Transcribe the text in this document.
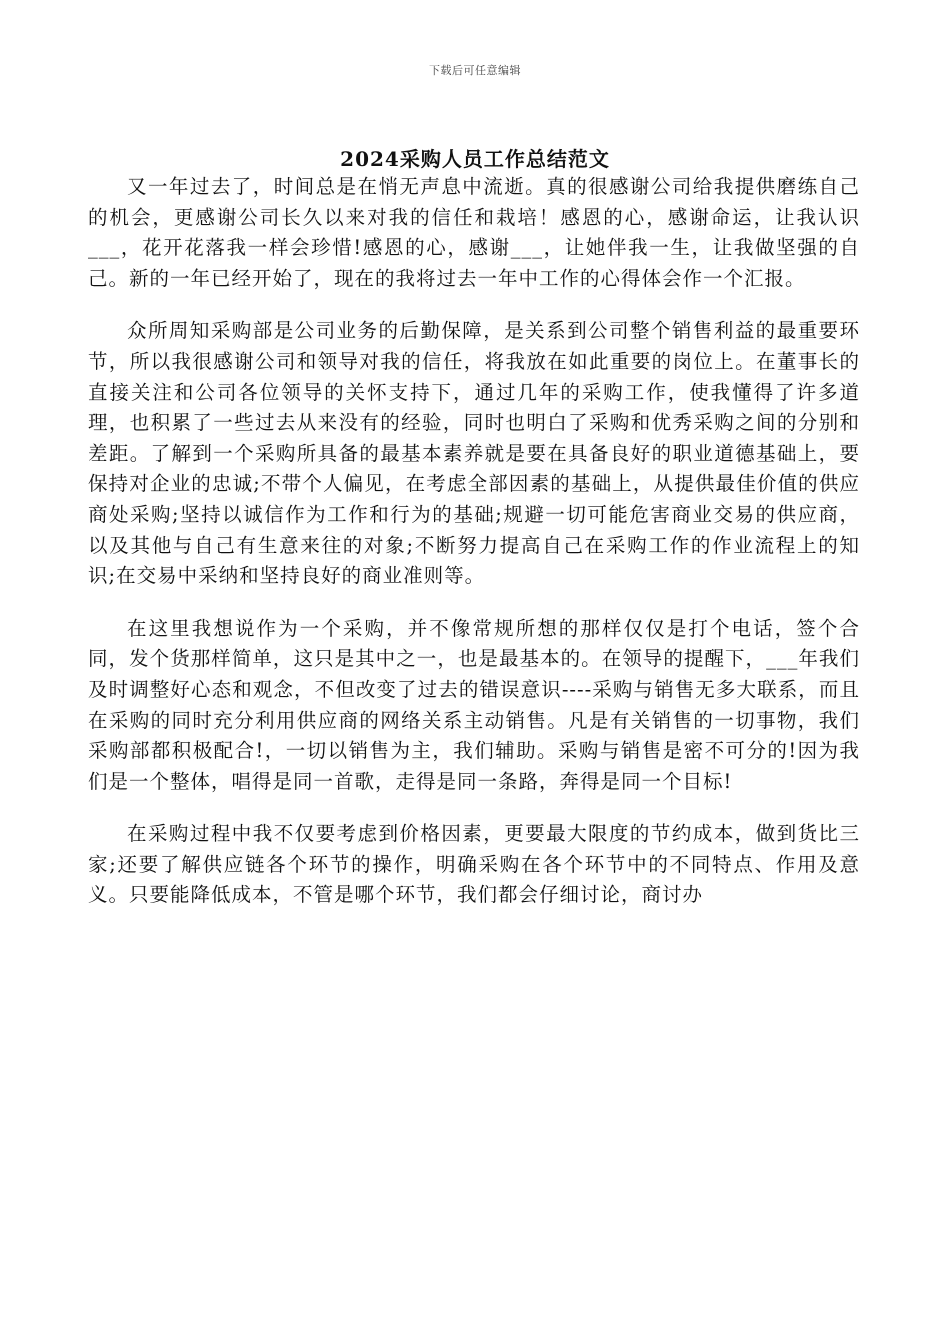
下载后可任意编辑
2024采购人员工作总结范文

又一年过去了，时间总是在悄无声息中流逝。真的很感谢公司给我提供磨练自己的机会，更感谢公司长久以来对我的信任和栽培！感恩的心，感谢命运，让我认识___，花开花落我一样会珍惜!感恩的心，感谢___，让她伴我一生，让我做坚强的自己。新的一年已经开始了，现在的我将过去一年中工作的心得体会作一个汇报。

众所周知采购部是公司业务的后勤保障，是关系到公司整个销售利益的最重要环节，所以我很感谢公司和领导对我的信任，将我放在如此重要的岗位上。在董事长的直接关注和公司各位领导的关怀支持下，通过几年的采购工作，使我懂得了许多道理，也积累了一些过去从来没有的经验，同时也明白了采购和优秀采购之间的分别和差距。了解到一个采购所具备的最基本素养就是要在具备良好的职业道德基础上，要保持对企业的忠诚;不带个人偏见，在考虑全部因素的基础上，从提供最佳价值的供应商处采购;坚持以诚信作为工作和行为的基础;规避一切可能危害商业交易的供应商，以及其他与自己有生意来往的对象;不断努力提高自己在采购工作的作业流程上的知识;在交易中采纳和坚持良好的商业准则等。

在这里我想说作为一个采购，并不像常规所想的那样仅仅是打个电话，签个合同，发个货那样简单，这只是其中之一，也是最基本的。在领导的提醒下，___年我们及时调整好心态和观念，不但改变了过去的错误意识----采购与销售无多大联系，而且在采购的同时充分利用供应商的网络关系主动销售。凡是有关销售的一切事物，我们采购部都积极配合!，一切以销售为主，我们辅助。采购与销售是密不可分的!因为我们是一个整体，唱得是同一首歌，走得是同一条路，奔得是同一个目标!

在采购过程中我不仅要考虑到价格因素，更要最大限度的节约成本，做到货比三家;还要了解供应链各个环节的操作，明确采购在各个环节中的不同特点、作用及意义。只要能降低成本，不管是哪个环节，我们都会仔细讨论，商讨办
